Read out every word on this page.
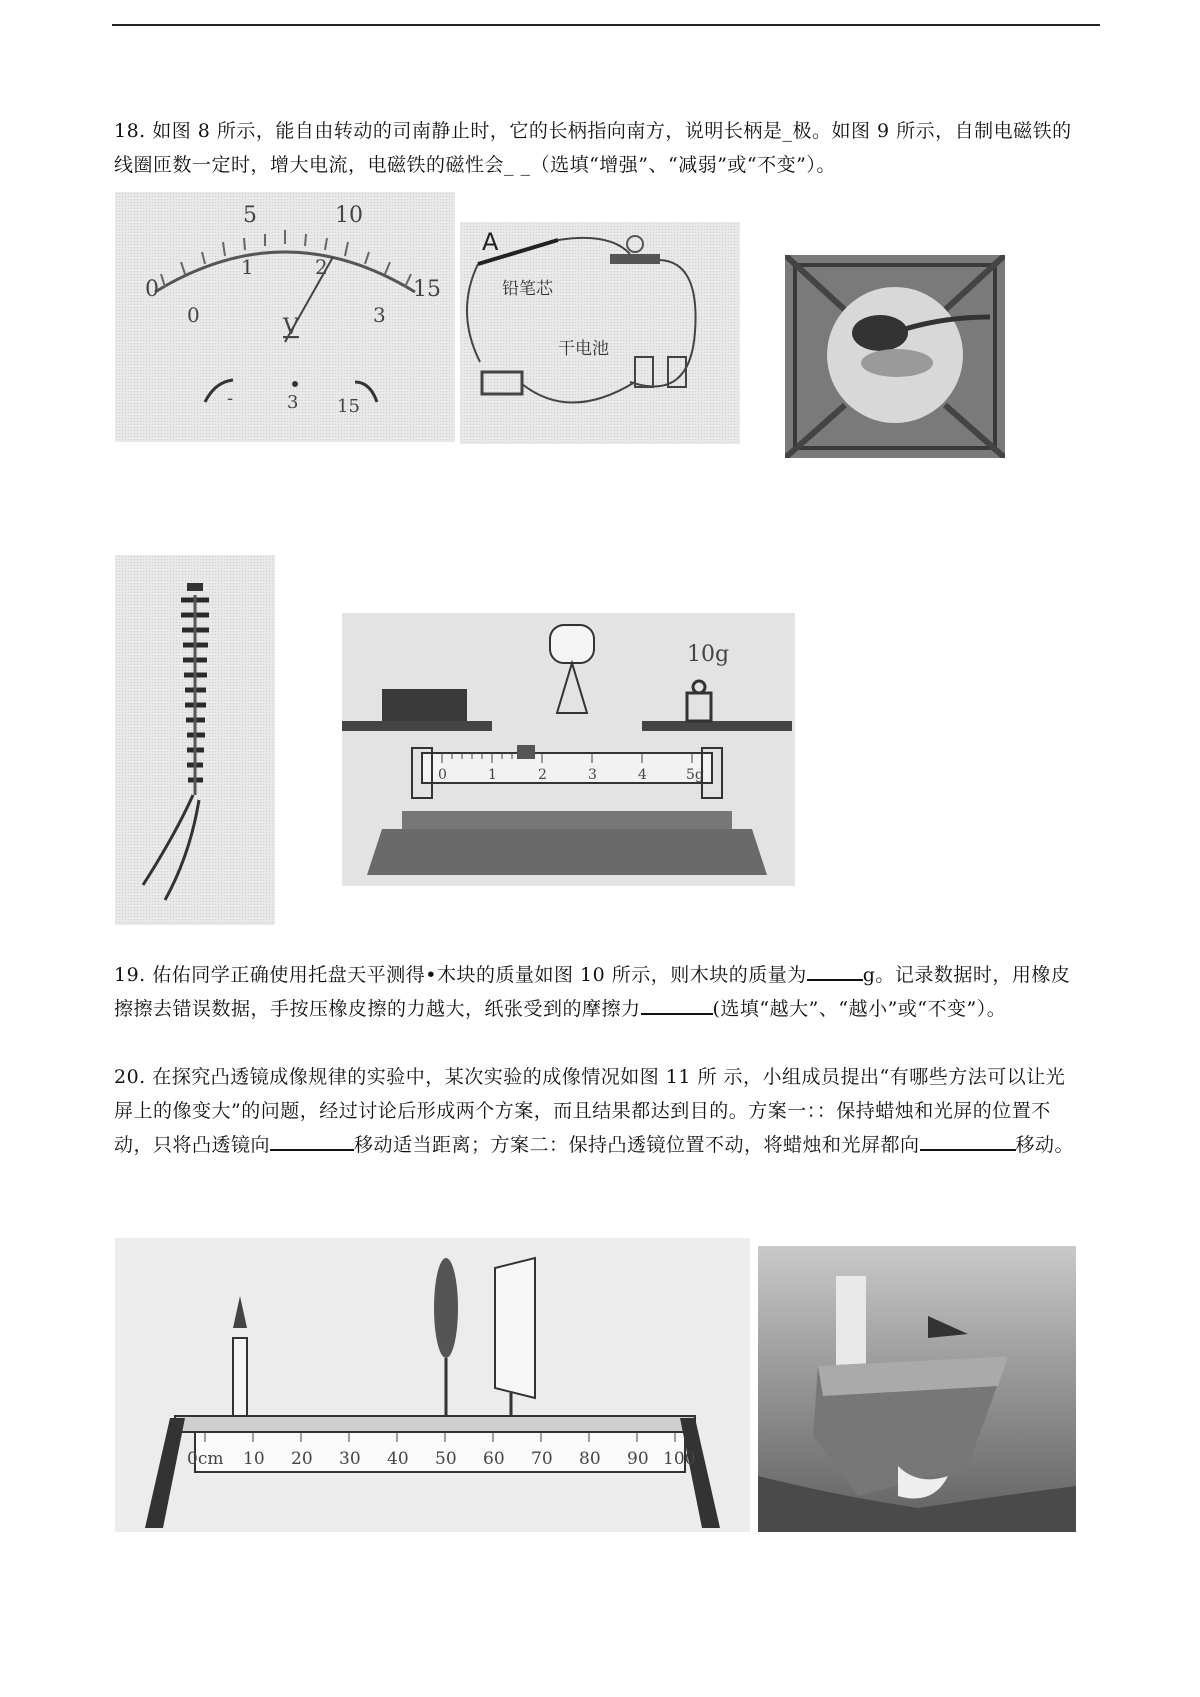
18. 如图 8 所示，能自由转动的司南静止时，它的长柄指向南方，说明长柄是_极。如图 9 所示，自制电磁铁的线圈匝数一定时，增大电流，电磁铁的磁性会_ _（选填“增强”、“减弱”或“不变”）。
0
5	10
15
0
1	2
3
V
-	3 15
A
铅笔芯
干电池
10g
0	1	2	3	4	5g
19. 佑佑同学正确使用托盘天平测得•木块的质量如图 10 所示，则木块的质量为	g。记录数据时，用橡皮擦擦去错误数据，手按压橡皮擦的力越大，纸张受到的摩擦力	(选填“越大”、“越小”或“不变”）。
20. 在探究凸透镜成像规律的实验中，某次实验的成像情况如图 11 所 示，小组成员提出“有哪些方法可以让光屏上的像变大”的问题，经过讨论后形成两个方案，而且结果都达到目的。方案一：：保持蜡烛和光屏的位置不动，只将凸透镜向	移动适当距离；方案二：保持凸透镜位置不动，将蜡烛和光屏都向	移动。
0cm 10 20 30 40 50 60 70 80 90 100
